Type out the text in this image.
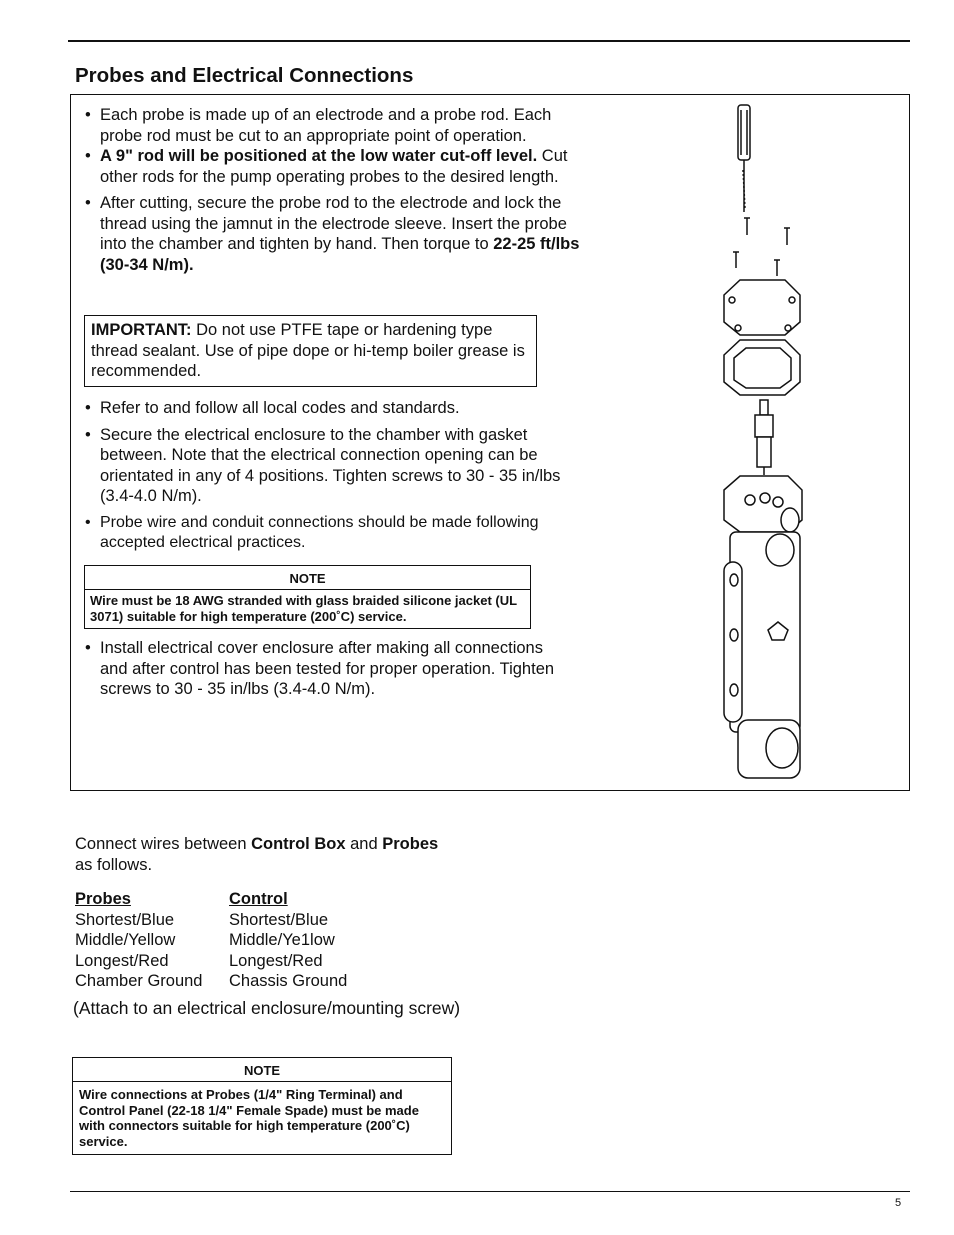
Probes and Electrical Connections
• Each probe is made up of an electrode and a probe rod. Each probe rod must be cut to an appropriate point of operation.
• A 9" rod will be positioned at the low water cut-off level. Cut other rods for the pump operating probes to the desired length.
• After cutting, secure the probe rod to the electrode and lock the thread using the jamnut in the electrode sleeve. Insert the probe into the chamber and tighten by hand. Then torque to 22-25 ft/lbs (30-34 N/m).
IMPORTANT: Do not use PTFE tape or hardening type thread sealant. Use of pipe dope or hi-temp boiler grease is recommended.
• Refer to and follow all local codes and standards.
• Secure the electrical enclosure to the chamber with gasket between. Note that the electrical connection opening can be orientated in any of 4 positions. Tighten screws to 30 - 35 in/lbs (3.4-4.0 N/m).
• Probe wire and conduit connections should be made following accepted electrical practices.
NOTE
Wire must be 18 AWG stranded with glass braided silicone jacket (UL 3071) suitable for high temperature (200˚C) service.
• Install electrical cover enclosure after making all connections and after control has been tested for proper operation. Tighten screws to 30 - 35 in/lbs (3.4-4.0 N/m).
Connect wires between Control Box and Probes
as follows.
Probes	Control
Shortest/Blue	Shortest/Blue
Middle/Yellow	Middle/Ye1low
Longest/Red	Longest/Red
Chamber Ground	Chassis Ground
(Attach to an electrical enclosure/mounting screw)
NOTE
Wire connections at Probes (1/4" Ring Terminal) and Control Panel (22-18 1/4" Female Spade) must be made with connectors suitable for high temperature (200˚C) service.
5
